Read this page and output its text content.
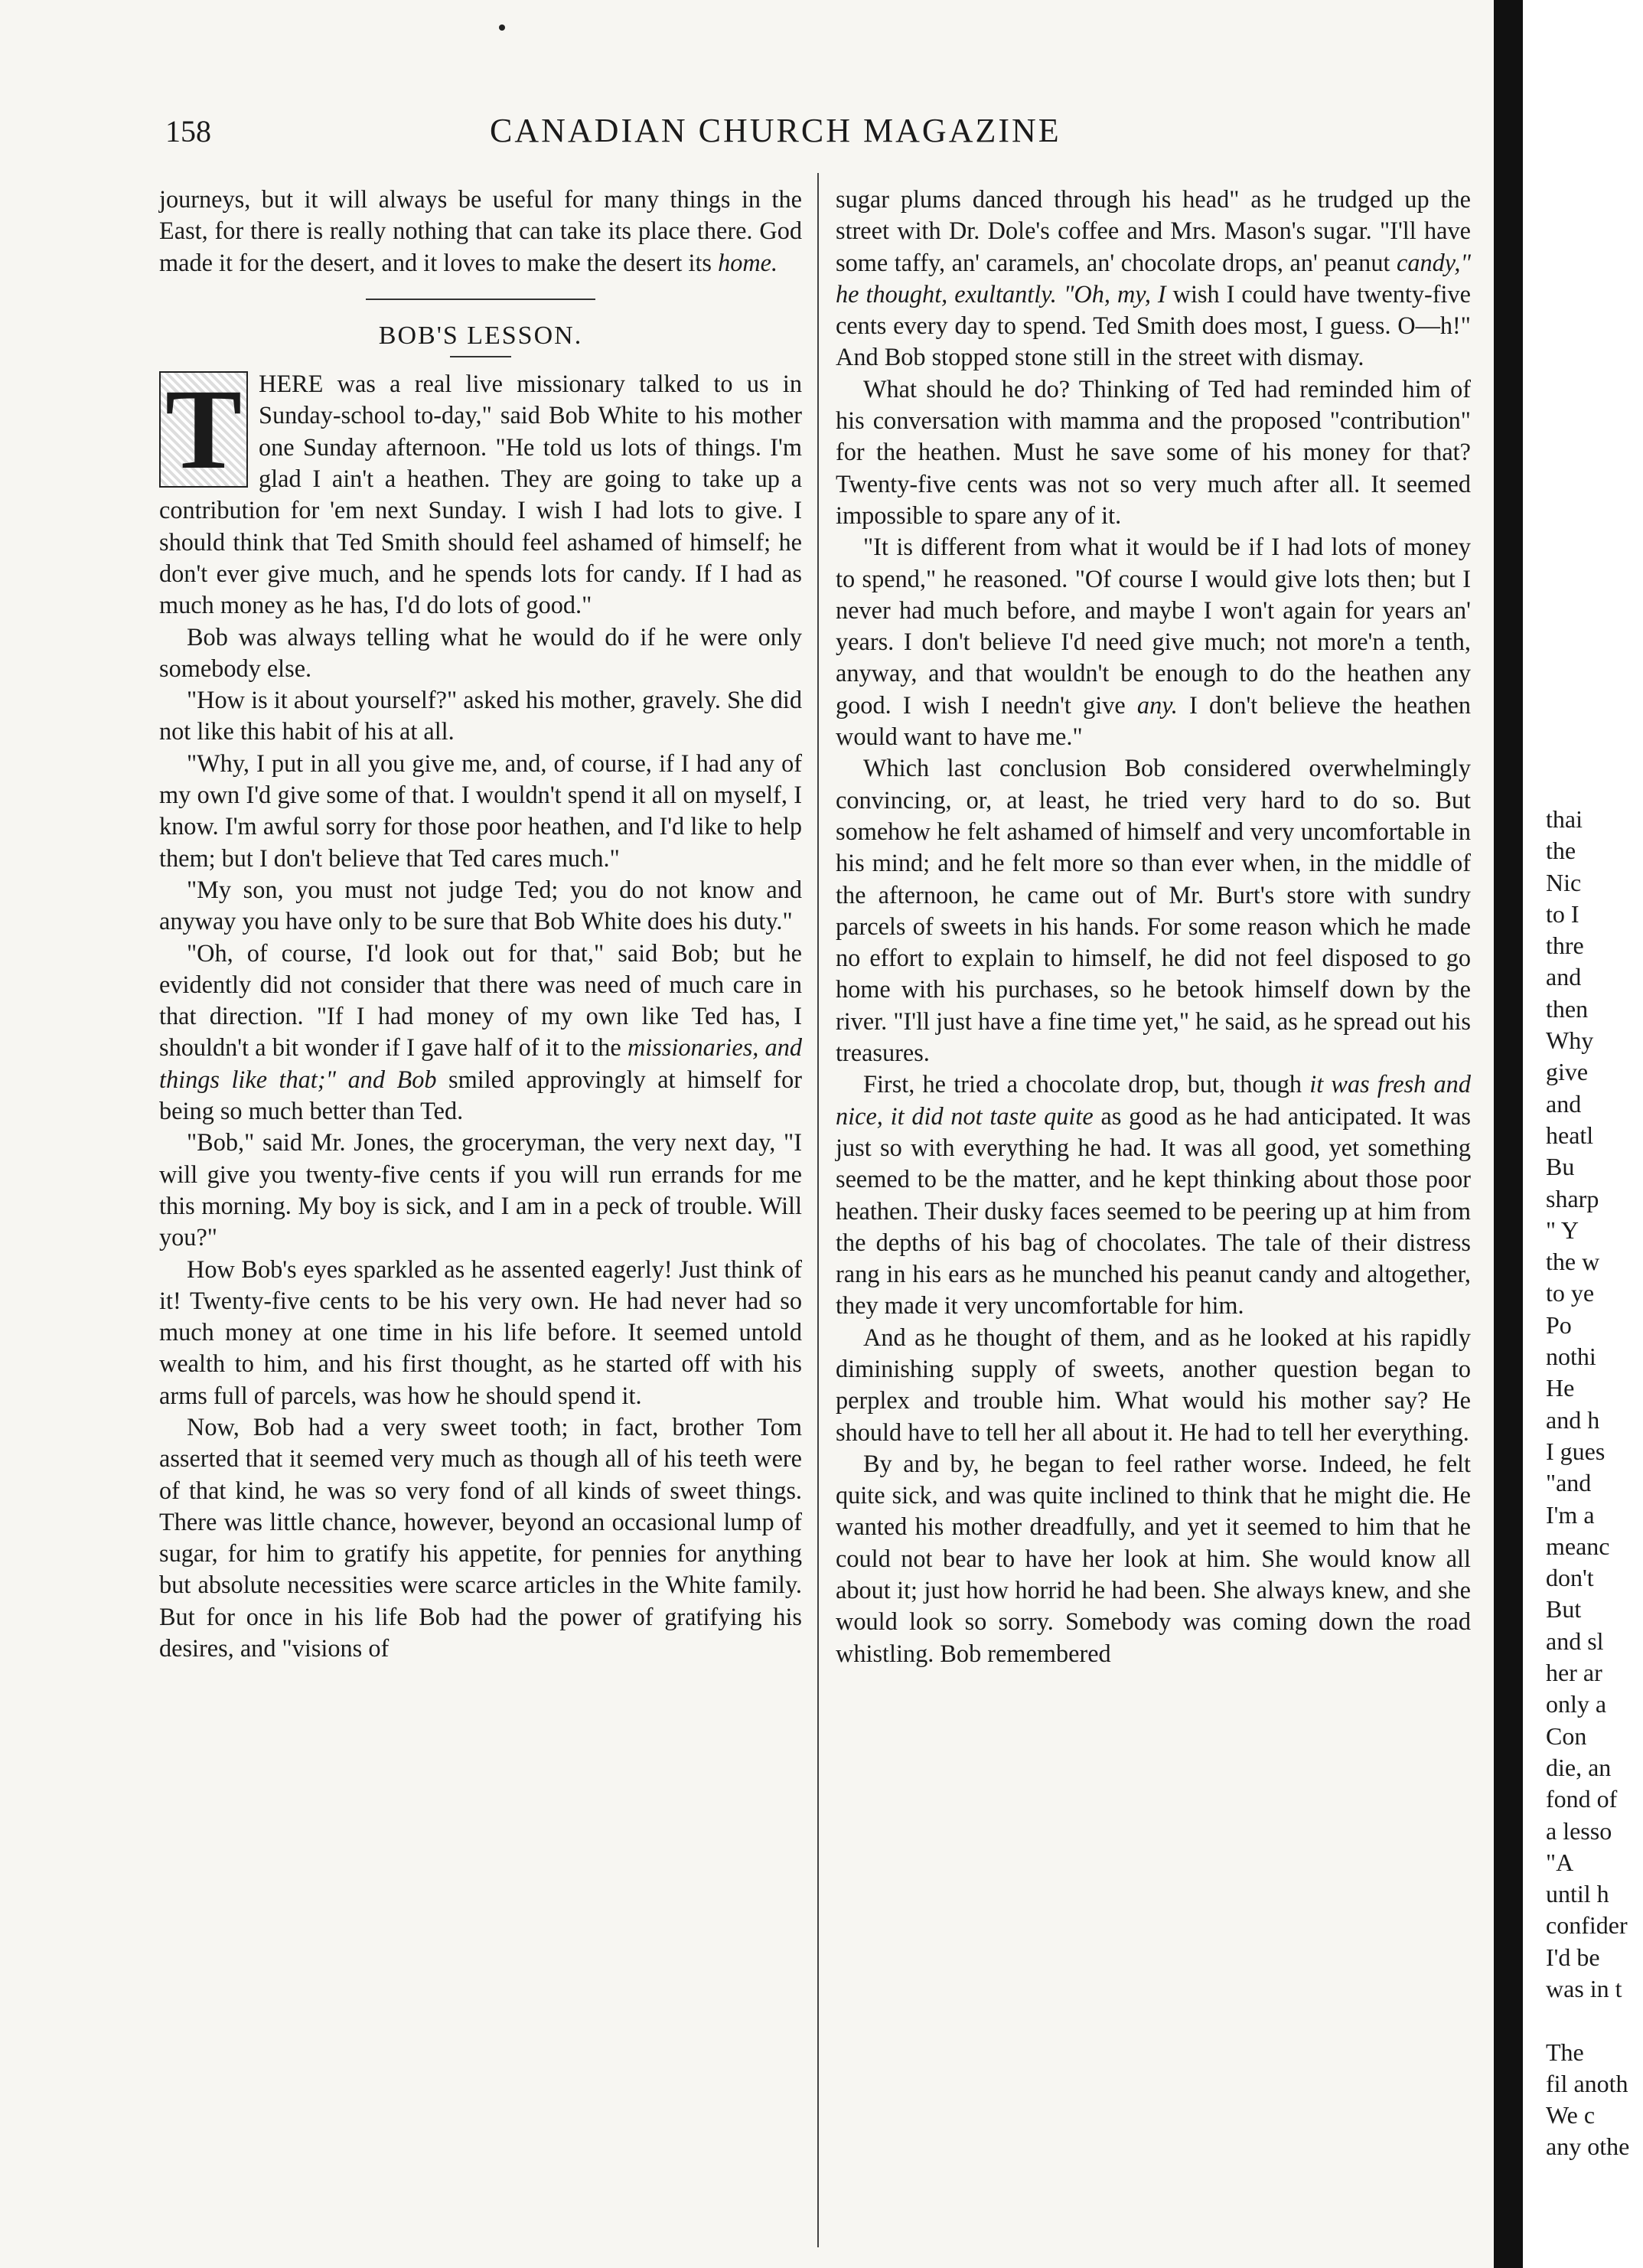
158	CANADIAN CHURCH MAGAZINE

journeys, but it will always be useful for many things in the East, for there is really nothing that can take its place there. God made it for the desert, and it loves to make the desert its home.

BOB'S LESSON.

T HERE was a real live missionary talked to us in Sunday-school to-day," said Bob White to his mother one Sunday afternoon. "He told us lots of things. I'm glad I ain't a heathen. They are going to take up a contribution for 'em next Sunday. I wish I had lots to give. I should think that Ted Smith should feel ashamed of himself; he don't ever give much, and he spends lots for candy. If I had as much money as he has, I'd do lots of good."

Bob was always telling what he would do if he were only somebody else.

"How is it about yourself?" asked his mother, gravely. She did not like this habit of his at all.

"Why, I put in all you give me, and, of course, if I had any of my own I'd give some of that. I wouldn't spend it all on myself, I know. I'm awful sorry for those poor heathen, and I'd like to help them; but I don't believe that Ted cares much."

"My son, you must not judge Ted; you do not know and anyway you have only to be sure that Bob White does his duty."

"Oh, of course, I'd look out for that," said Bob; but he evidently did not consider that there was need of much care in that direction. "If I had money of my own like Ted has, I shouldn't a bit wonder if I gave half of it to the missionaries, and things like that;" and Bob smiled approvingly at himself for being so much better than Ted.

"Bob," said Mr. Jones, the groceryman, the very next day, "I will give you twenty-five cents if you will run errands for me this morning. My boy is sick, and I am in a peck of trouble. Will you?"

How Bob's eyes sparkled as he assented eagerly! Just think of it! Twenty-five cents to be his very own. He had never had so much money at one time in his life before. It seemed untold wealth to him, and his first thought, as he started off with his arms full of parcels, was how he should spend it.

Now, Bob had a very sweet tooth; in fact, brother Tom asserted that it seemed very much as though all of his teeth were of that kind, he was so very fond of all kinds of sweet things. There was little chance, however, beyond an occasional lump of sugar, for him to gratify his appetite, for pennies for anything but absolute necessities were scarce articles in the White family. But for once in his life Bob had the power of gratifying his desires, and "visions of

sugar plums danced through his head" as he trudged up the street with Dr. Dole's coffee and Mrs. Mason's sugar. "I'll have some taffy, an' caramels, an' chocolate drops, an' peanut candy," he thought, exultantly. "Oh, my, I wish I could have twenty-five cents every day to spend. Ted Smith does most, I guess. O—h!" And Bob stopped stone still in the street with dismay.

What should he do? Thinking of Ted had reminded him of his conversation with mamma and the proposed "contribution" for the heathen. Must he save some of his money for that? Twenty-five cents was not so very much after all. It seemed impossible to spare any of it.

"It is different from what it would be if I had lots of money to spend," he reasoned. "Of course I would give lots then; but I never had much before, and maybe I won't again for years an' years. I don't believe I'd need give much; not more'n a tenth, anyway, and that wouldn't be enough to do the heathen any good. I wish I needn't give any. I don't believe the heathen would want to have me."

Which last conclusion Bob considered overwhelmingly convincing, or, at least, he tried very hard to do so. But somehow he felt ashamed of himself and very uncomfortable in his mind; and he felt more so than ever when, in the middle of the afternoon, he came out of Mr. Burt's store with sundry parcels of sweets in his hands. For some reason which he made no effort to explain to himself, he did not feel disposed to go home with his purchases, so he betook himself down by the river. "I'll just have a fine time yet," he said, as he spread out his treasures.

First, he tried a chocolate drop, but, though it was fresh and nice, it did not taste quite as good as he had anticipated. It was just so with everything he had. It was all good, yet something seemed to be the matter, and he kept thinking about those poor heathen. Their dusky faces seemed to be peering up at him from the depths of his bag of chocolates. The tale of their distress rang in his ears as he munched his peanut candy and altogether, they made it very uncomfortable for him.

And as he thought of them, and as he looked at his rapidly diminishing supply of sweets, another question began to perplex and trouble him. What would his mother say? He should have to tell her all about it. He had to tell her everything.

By and by, he began to feel rather worse. Indeed, he felt quite sick, and was quite inclined to think that he might die. He wanted his mother dreadfully, and yet it seemed to him that he could not bear to have her look at him. She would know all about it; just how horrid he had been. She always knew, and she would look so sorry. Somebody was coming down the road whistling. Bob remembered

thai
the
Nic
to I
thre
and
then
Why
give
and
heatl
Bu
sharp
" Y
the w
to ye
Po
nothi
He
and h
I gues
"and
I'm a
meanc
don't
But
and sl
her ar
only a
Con
die, an
fond of
a lesso
"A
until h
confider
I'd be
was in t

The
fil anoth
We c
any othe
